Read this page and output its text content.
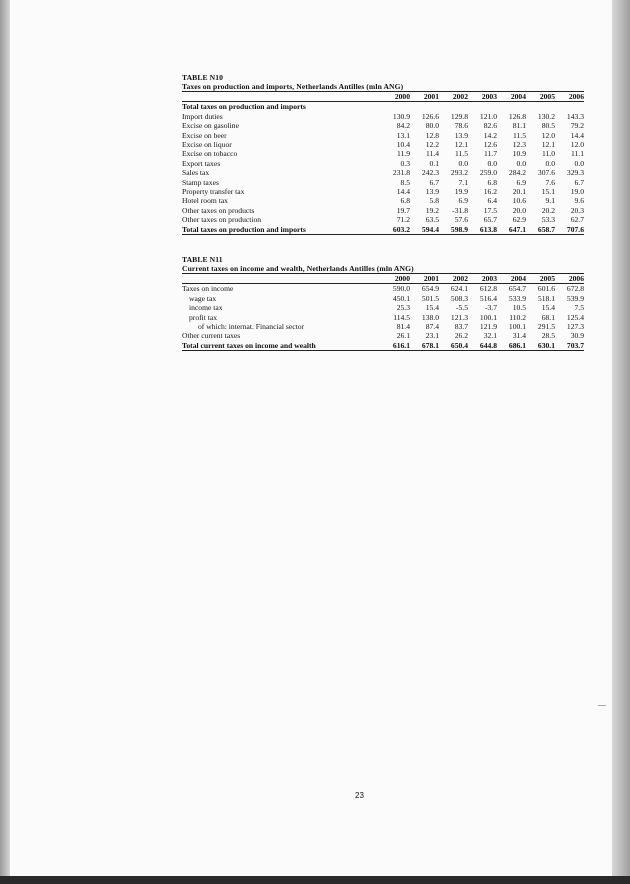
TABLE N10
Taxes on production and imports, Netherlands Antilles (mln ANG)
	2000	2001	2002	2003	2004	2005	2006
Total taxes on production and imports							
Import duties	130.9	126.6	129.8	121.0	126.8	130.2	143.3
Excise on gasoline	84.2	80.0	78.6	82.6	81.1	80.5	79.2
Excise on beer	13.1	12.8	13.9	14.2	11.5	12.0	14.4
Excise on liquor	10.4	12.2	12.1	12.6	12.3	12.1	12.0
Excise on tobacco	11.9	11.4	11.5	11.7	10.9	11.0	11.1
Export taxes	0.3	0.1	0.0	0.0	0.0	0.0	0.0
Sales tax	231.8	242.3	293.2	259.0	284.2	307.6	329.3
Stamp taxes	8.5	6.7	7.1	6.8	6.9	7.6	6.7
Property transfer tax	14.4	13.9	19.9	16.2	20.1	15.1	19.0
Hotel room tax	6.8	5.8	6.9	6.4	10.6	9.1	9.6
Other taxes on products	19.7	19.2	-31.8	17.5	20.0	20.2	20.3
Other taxes on production	71.2	63.5	57.6	65.7	62.9	53.3	62.7
Total taxes on production and imports	603.2	594.4	598.9	613.8	647.1	658.7	707.6
TABLE N11
Current taxes on income and wealth, Netherlands Antilles (mln ANG)
	2000	2001	2002	2003	2004	2005	2006
Taxes on income	590.0	654.9	624.1	612.8	654.7	601.6	672.8
wage tax	450.1	501.5	508.3	516.4	533.9	518.1	539.9
income tax	25.3	15.4	-5.5	-3.7	10.5	15.4	7.5
profit tax	114.5	138.0	121.3	100.1	110.2	68.1	125.4
of which: internat. Financial sector	81.4	87.4	83.7	121.9	100.1	291.5	127.3
Other current taxes	26.1	23.1	26.2	32.1	31.4	28.5	30.9
Total current taxes on income and wealth	616.1	678.1	650.4	644.8	686.1	630.1	703.7
23
